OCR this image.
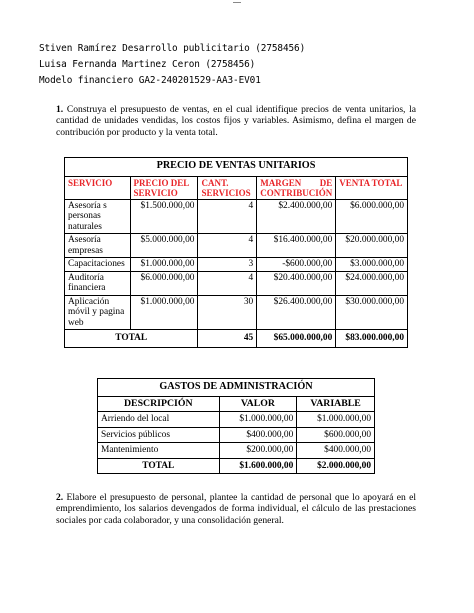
Stiven Ramírez Desarrollo publicitario (2758456)
Luisa Fernanda Martinez Ceron (2758456)
Modelo financiero GA2-240201529-AA3-EV01
1. Construya el presupuesto de ventas, en el cual identifique precios de venta unitarios, la cantidad de unidades vendidas, los costos fijos y variables. Asimismo, defina el margen de contribución por producto y la venta total.
PRECIO DE VENTAS UNITARIOS				
SERVICIO	PRECIO DEL SERVICIO	CANT. SERVICIOS	MARGEN DE CONTRIBUCIÓN	VENTA TOTAL
Asesoría s personas naturales	$1.500.000,00	4	$2.400.000,00	$6.000.000,00
Asesoría empresas	$5.000.000,00	4	$16.400.000,00	$20.000.000,00
Capacitaciones	$1.000.000,00	3	-$600.000,00	$3.000.000,00
Auditoría financiera	$6.000.000,00	4	$20.400.000,00	$24.000.000,00
Aplicación móvil y pagina web	$1.000.000,00	30	$26.400.000,00	$30.000.000,00
TOTAL		45	$65.000.000,00	$83.000.000,00
GASTOS DE ADMINISTRACIÓN		
DESCRIPCIÓN	VALOR	VARIABLE
Arriendo del local	$1.000.000,00	$1.000.000,00
Servicios públicos	$400.000,00	$600.000,00
Mantenimiento	$200.000,00	$400.000,00
TOTAL	$1.600.000,00	$2.000.000,00
2. Elabore el presupuesto de personal, plantee la cantidad de personal que lo apoyará en el emprendimiento, los salarios devengados de forma individual, el cálculo de las prestaciones sociales por cada colaborador, y una consolidación general.
